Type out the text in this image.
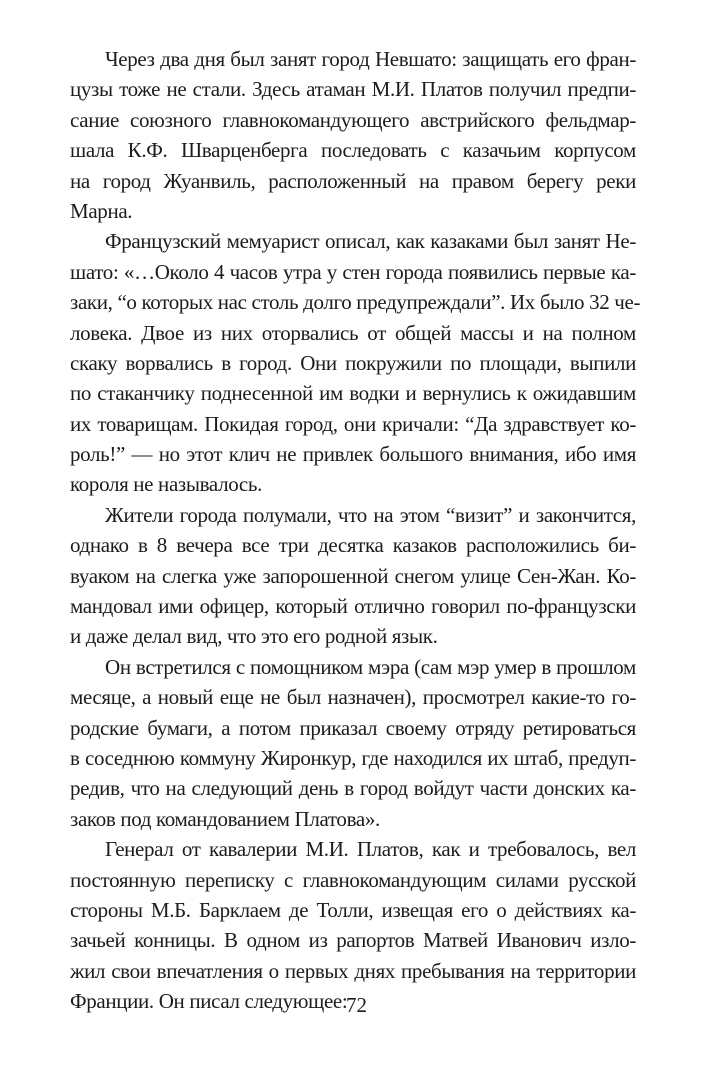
Через два дня был занят город Невшато: защищать его фран-
цузы тоже не стали. Здесь атаман М.И. Платов получил предпи-
сание союзного главнокомандующего австрийского фельдмар-
шала К.Ф. Шварценберга последовать с казачьим корпусом
на город Жуанвиль, расположенный на правом берегу реки
Марна.
Французский мемуарист описал, как казаками был занят Не-
шато: «…Около 4 часов утра у стен города появились первые ка-
заки, “о которых нас столь долго предупреждали”. Их было 32 че-
ловека. Двое из них оторвались от общей массы и на полном
скаку ворвались в город. Они покружили по площади, выпили
по стаканчику поднесенной им водки и вернулись к ожидавшим
их товарищам. Покидая город, они кричали: “Да здравствует ко-
роль!” — но этот клич не привлек большого внимания, ибо имя
короля не называлось.
Жители города полумали, что на этом “визит” и закончится,
однако в 8 вечера все три десятка казаков расположились би-
вуаком на слегка уже запорошенной снегом улице Сен-Жан. Ко-
мандовал ими офицер, который отлично говорил по-французски
и даже делал вид, что это его родной язык.
Он встретился с помощником мэра (сам мэр умер в прошлом
месяце, а новый еще не был назначен), просмотрел какие-то го-
родские бумаги, а потом приказал своему отряду ретироваться
в соседнюю коммуну Жиронкур, где находился их штаб, предуп-
редив, что на следующий день в город войдут части донских ка-
заков под командованием Платова».
Генерал от кавалерии М.И. Платов, как и требовалось, вел
постоянную переписку с главнокомандующим силами русской
стороны М.Б. Барклаем де Толли, извещая его о действиях ка-
зачьей конницы. В одном из рапортов Матвей Иванович изло-
жил свои впечатления о первых днях пребывания на территории
Франции. Он писал следующее:
72
